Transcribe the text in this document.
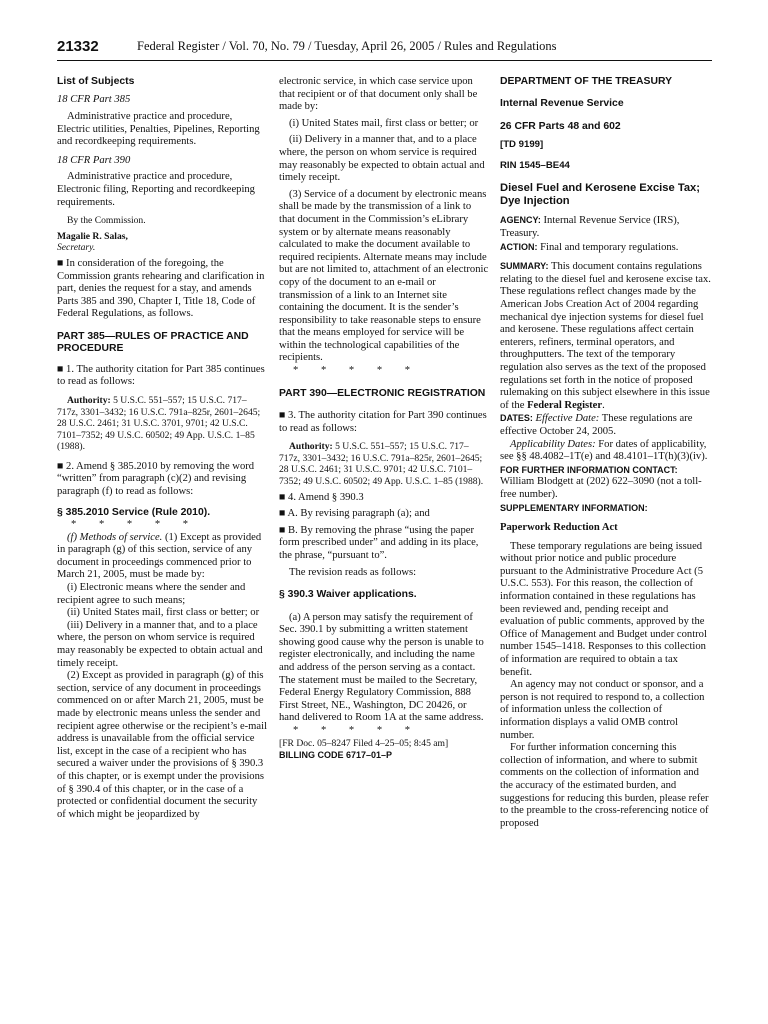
21332	Federal Register / Vol. 70, No. 79 / Tuesday, April 26, 2005 / Rules and Regulations
List of Subjects

18 CFR Part 385

Administrative practice and procedure, Electric utilities, Penalties, Pipelines, Reporting and recordkeeping requirements.

18 CFR Part 390

Administrative practice and procedure, Electronic filing, Reporting and recordkeeping requirements.

By the Commission.

Magalie R. Salas,

Secretary.

■ In consideration of the foregoing, the Commission grants rehearing and clarification in part, denies the request for a stay, and amends Parts 385 and 390, Chapter I, Title 18, Code of Federal Regulations, as follows.

PART 385—RULES OF PRACTICE AND PROCEDURE

■ 1. The authority citation for Part 385 continues to read as follows:

Authority: 5 U.S.C. 551–557; 15 U.S.C. 717–717z, 3301–3432; 16 U.S.C. 791a–825r, 2601–2645; 28 U.S.C. 2461; 31 U.S.C. 3701, 9701; 42 U.S.C. 7101–7352; 49 U.S.C. 60502; 49 App. U.S.C. 1–85 (1988).

■ 2. Amend § 385.2010 by removing the word “written” from paragraph (c)(2) and revising paragraph (f) to read as follows:

§ 385.2010 Service (Rule 2010).

* * * * *

(f) Methods of service. (1) Except as provided in paragraph (g) of this section, service of any document in proceedings commenced prior to March 21, 2005, must be made by:

(i) Electronic means where the sender and recipient agree to such means;

(ii) United States mail, first class or better; or

(iii) Delivery in a manner that, and to a place where, the person on whom service is required may reasonably be expected to obtain actual and timely receipt.

(2) Except as provided in paragraph (g) of this section, service of any document in proceedings commenced on or after March 21, 2005, must be made by electronic means unless the sender and recipient agree otherwise or the recipient’s e-mail address is unavailable from the official service list, except in the case of a recipient who has secured a waiver under the provisions of § 390.3 of this chapter, or is exempt under the provisions of § 390.4 of this chapter, or in the case of a protected or confidential document the security of which might be jeopardized by

electronic service, in which case service upon that recipient or of that document only shall be made by:

(i) United States mail, first class or better; or

(ii) Delivery in a manner that, and to a place where, the person on whom service is required may reasonably be expected to obtain actual and timely receipt.

(3) Service of a document by electronic means shall be made by the transmission of a link to that document in the Commission’s eLibrary system or by alternate means reasonably calculated to make the document available to required recipients. Alternate means may include but are not limited to, attachment of an electronic copy of the document to an e-mail or transmission of a link to an Internet site containing the document. It is the sender’s responsibility to take reasonable steps to ensure that the means employed for service will be within the technological capabilities of the recipients.

* * * * *

PART 390—ELECTRONIC REGISTRATION

■ 3. The authority citation for Part 390 continues to read as follows:

Authority: 5 U.S.C. 551–557; 15 U.S.C. 717–717z, 3301–3432; 16 U.S.C. 791a–825r, 2601–2645; 28 U.S.C. 2461; 31 U.S.C. 9701; 42 U.S.C. 7101–7352; 49 U.S.C. 60502; 49 App. U.S.C. 1–85 (1988).

■ 4. Amend § 390.3

■ A. By revising paragraph (a); and

■ B. By removing the phrase “using the paper form prescribed under” and adding in its place, the phrase, “pursuant to”.

The revision reads as follows:

§ 390.3 Waiver applications.

(a) A person may satisfy the requirement of Sec. 390.1 by submitting a written statement showing good cause why the person is unable to register electronically, and including the name and address of the person serving as a contact. The statement must be mailed to the Secretary, Federal Energy Regulatory Commission, 888 First Street, NE., Washington, DC 20426, or hand delivered to Room 1A at the same address.

* * * * *

[FR Doc. 05–8247 Filed 4–25–05; 8:45 am]

BILLING CODE 6717–01–P

DEPARTMENT OF THE TREASURY
Internal Revenue Service
26 CFR Parts 48 and 602
[TD 9199]
RIN 1545–BE44
Diesel Fuel and Kerosene Excise Tax; Dye Injection

AGENCY: Internal Revenue Service (IRS), Treasury.

ACTION: Final and temporary regulations.

SUMMARY: This document contains regulations relating to the diesel fuel and kerosene excise tax. These regulations reflect changes made by the American Jobs Creation Act of 2004 regarding mechanical dye injection systems for diesel fuel and kerosene. These regulations affect certain enterers, refiners, terminal operators, and throughputters. The text of the temporary regulation also serves as the text of the proposed regulations set forth in the notice of proposed rulemaking on this subject elsewhere in this issue of the Federal Register.

DATES: Effective Date: These regulations are effective October 24, 2005.

Applicability Dates: For dates of applicability, see §§ 48.4082–1T(e) and 48.4101–1T(h)(3)(iv).

FOR FURTHER INFORMATION CONTACT:

William Blodgett at (202) 622–3090 (not a toll-free number).

SUPPLEMENTARY INFORMATION:

Paperwork Reduction Act

These temporary regulations are being issued without prior notice and public procedure pursuant to the Administrative Procedure Act (5 U.S.C. 553). For this reason, the collection of information contained in these regulations has been reviewed and, pending receipt and evaluation of public comments, approved by the Office of Management and Budget under control number 1545–1418. Responses to this collection of information are required to obtain a tax benefit.

An agency may not conduct or sponsor, and a person is not required to respond to, a collection of information unless the collection of information displays a valid OMB control number.

For further information concerning this collection of information, and where to submit comments on the collection of information and the accuracy of the estimated burden, and suggestions for reducing this burden, please refer to the preamble to the cross-referencing notice of proposed
